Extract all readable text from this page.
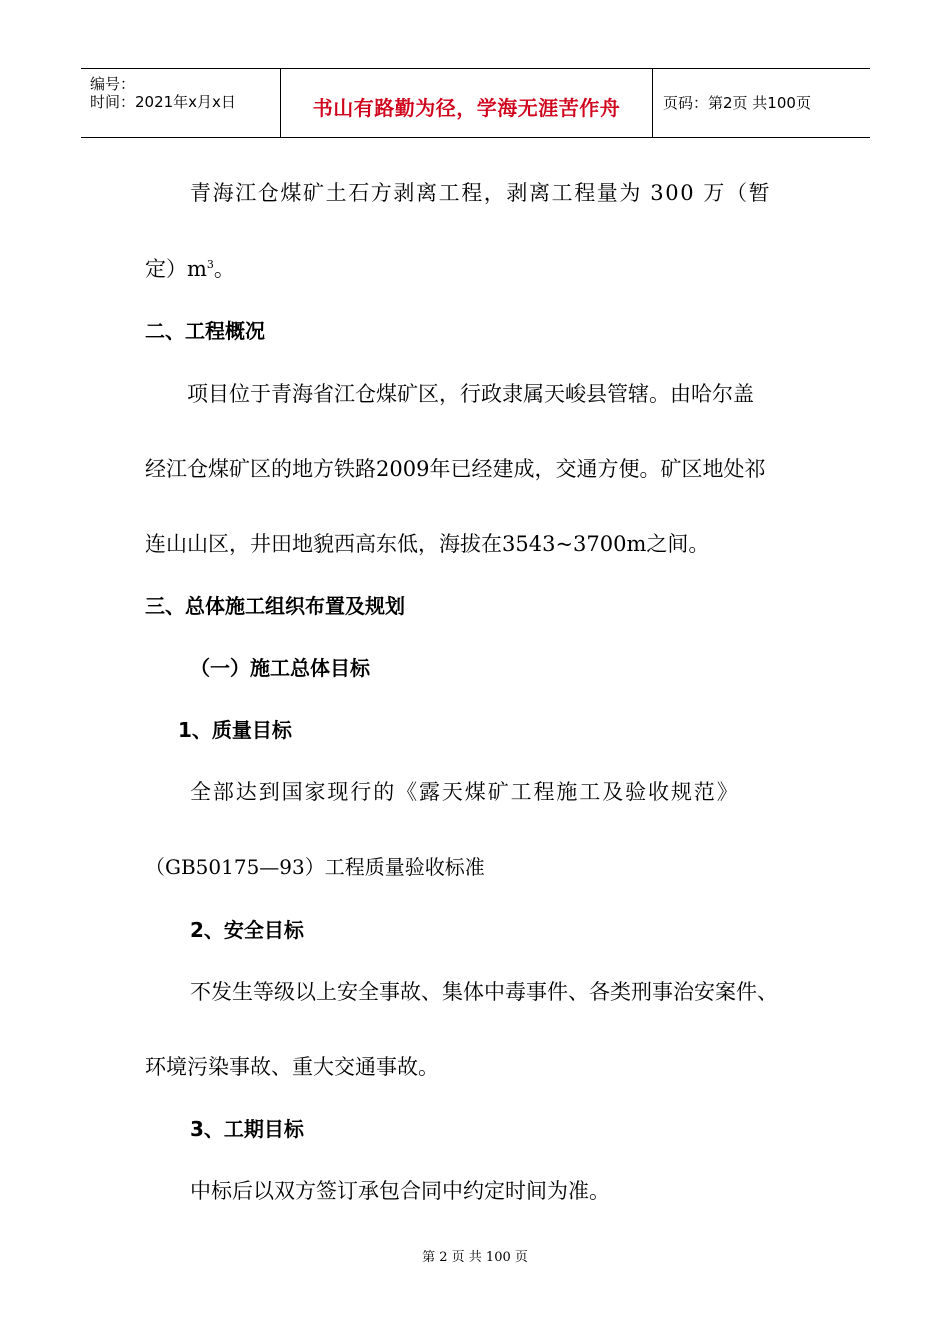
编号：
时间：2021年x月x日	书山有路勤为径，学海无涯苦作舟	页码：第2页 共100页
青海江仓煤矿土石方剥离工程，剥离工程量为 300 万（暂
定）$m^3$。
二、工程概况
项目位于青海省江仓煤矿区，行政隶属天峻县管辖。由哈尔盖
经江仓煤矿区的地方铁路2009年已经建成，交通方便。矿区地处祁
连山山区，井田地貌西高东低，海拔在3543~3700m之间。
三、总体施工组织布置及规划
（一）施工总体目标
1、质量目标
全部达到国家现行的《露天煤矿工程施工及验收规范》
（GB50175—93）工程质量验收标准
2、安全目标
不发生等级以上安全事故、集体中毒事件、各类刑事治安案件、
环境污染事故、重大交通事故。
3、工期目标
中标后以双方签订承包合同中约定时间为准。
第 2 页 共 100 页
